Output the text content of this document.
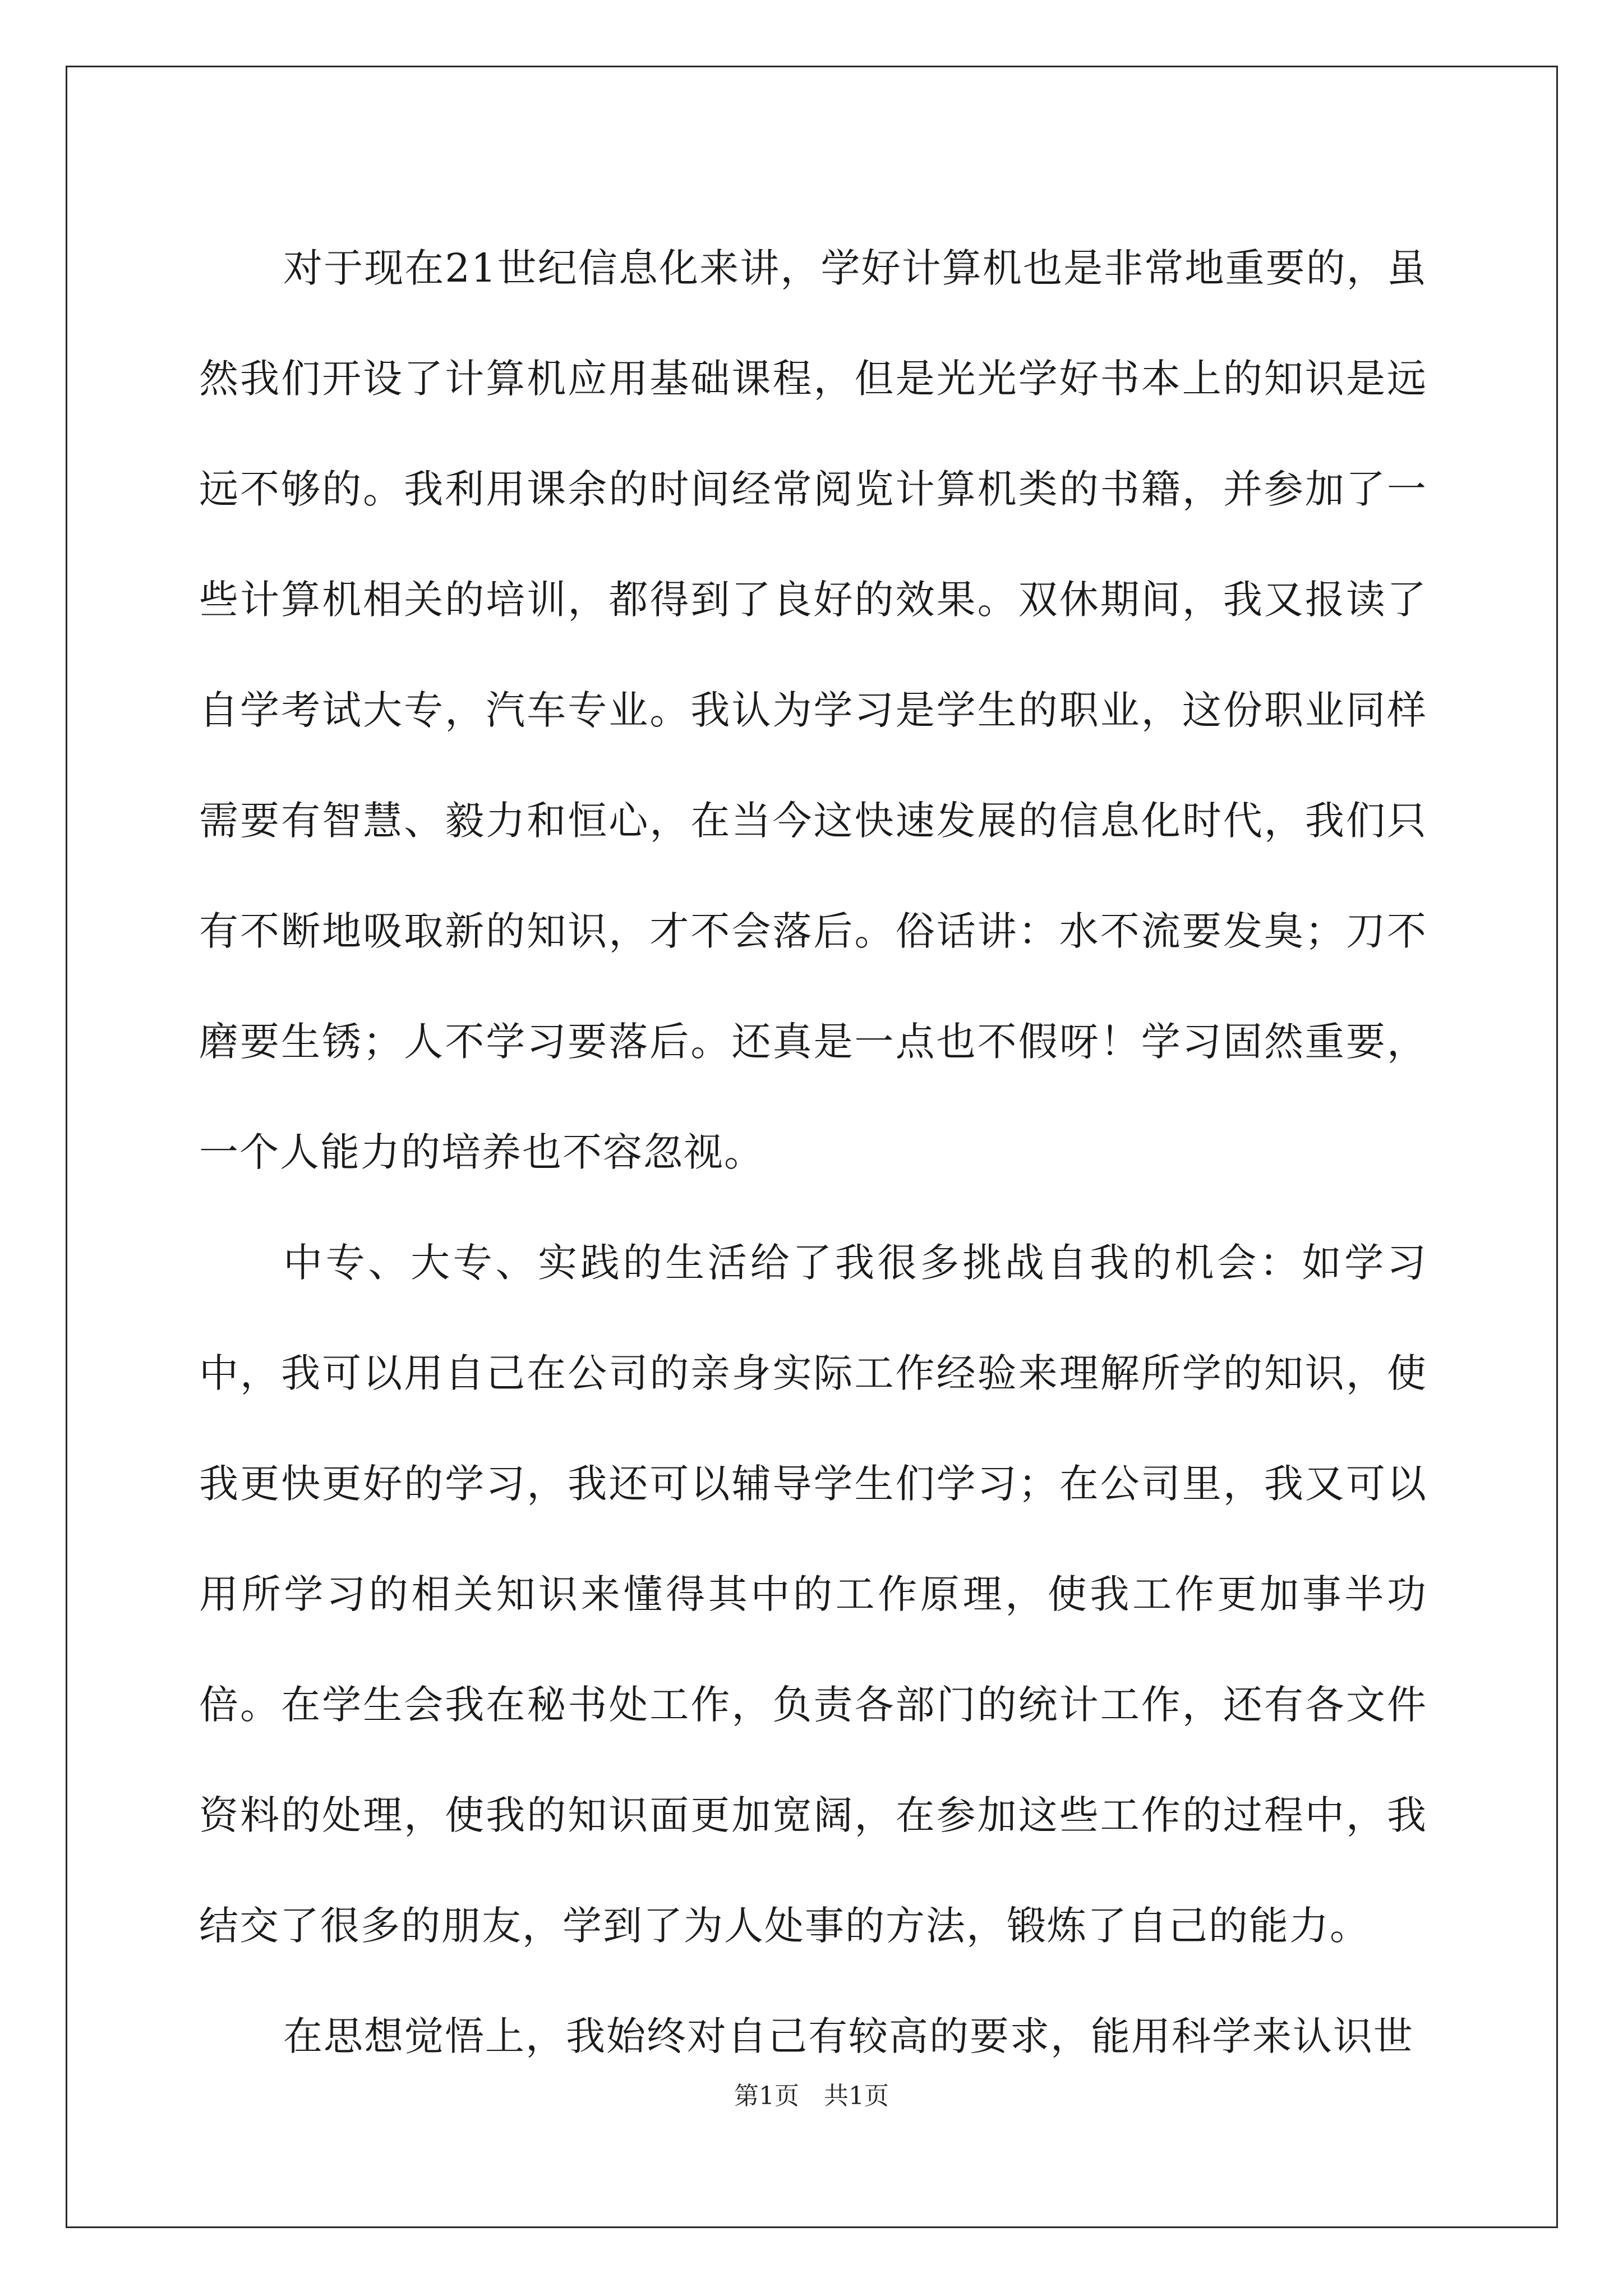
对于现在21世纪信息化来讲，学好计算机也是非常地重要的，虽然我们开设了计算机应用基础课程，但是光光学好书本上的知识是远远不够的。我利用课余的时间经常阅览计算机类的书籍，并参加了一些计算机相关的培训，都得到了良好的效果。双休期间，我又报读了自学考试大专，汽车专业。我认为学习是学生的职业，这份职业同样需要有智慧、毅力和恒心，在当今这快速发展的信息化时代，我们只有不断地吸取新的知识，才不会落后。俗话讲：水不流要发臭；刀不磨要生锈；人不学习要落后。还真是一点也不假呀！学习固然重要，一个人能力的培养也不容忽视。

中专、大专、实践的生活给了我很多挑战自我的机会：如学习中，我可以用自己在公司的亲身实际工作经验来理解所学的知识，使我更快更好的学习，我还可以辅导学生们学习；在公司里，我又可以用所学习的相关知识来懂得其中的工作原理，使我工作更加事半功倍。在学生会我在秘书处工作，负责各部门的统计工作，还有各文件资料的处理，使我的知识面更加宽阔，在参加这些工作的过程中，我结交了很多的朋友，学到了为人处事的方法，锻炼了自己的能力。

在思想觉悟上，我始终对自己有较高的要求，能用科学来认识世

第1页　共1页
